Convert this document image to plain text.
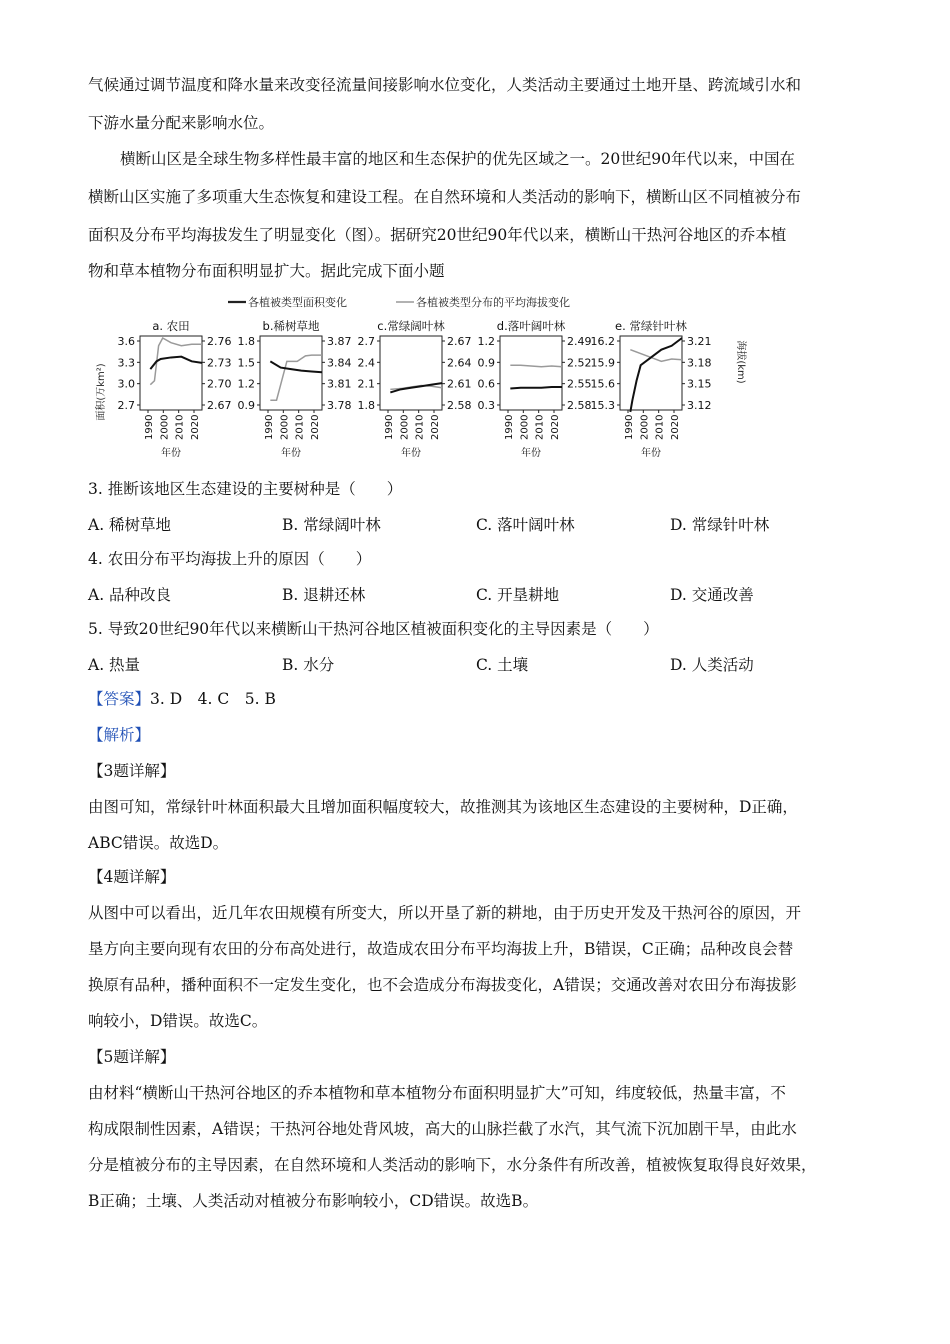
气候通过调节温度和降水量来改变径流量间接影响水位变化，人类活动主要通过土地开垦、跨流域引水和
下游水量分配来影响水位。
横断山区是全球生物多样性最丰富的地区和生态保护的优先区域之一。20世纪90年代以来，中国在
横断山区实施了多项重大生态恢复和建设工程。在自然环境和人类活动的影响下，横断山区不同植被分布
面积及分布平均海拔发生了明显变化（图）。据研究20世纪90年代以来，横断山干热河谷地区的乔本植
物和草本植物分布面积明显扩大。据此完成下面小题
各植被类型面积变化	各植被类型分布的平均海拔变化
面积(万km²)
海拔(km)
a. 农田
3.6
3.3
3.0
2.7
2.76
2.73
2.70
2.67
1990 2000 2010 2020
年份
b.稀树草地
1.8
1.5
1.2
0.9
3.87
3.84
3.81
3.78
1990 2000 2010 2020
年份
c.常绿阔叶林
2.7
2.4
2.1
1.8
2.67
2.64
2.61
2.58
1990 2000 2010 2020
年份
d.落叶阔叶林
1.2
0.9
0.6
0.3
2.49
2.52
2.55
2.58
1990 2000 2010 2020
年份
e. 常绿针叶林
16.2
15.9
15.6
15.3
3.21
3.18
3.15
3.12
1990 2000 2010 2020
年份
3. 推断该地区生态建设的主要树种是（　　）
A. 稀树草地	B. 常绿阔叶林	C. 落叶阔叶林	D. 常绿针叶林
4. 农田分布平均海拔上升的原因（　　）
A. 品种改良	B. 退耕还林	C. 开垦耕地	D. 交通改善
5. 导致20世纪90年代以来横断山干热河谷地区植被面积变化的主导因素是（　　）
A. 热量	B. 水分	C. 土壤	D. 人类活动
【答案】3. D　4. C　5. B
【解析】
【3题详解】
由图可知，常绿针叶林面积最大且增加面积幅度较大，故推测其为该地区生态建设的主要树种，D正确，
ABC错误。故选D。
【4题详解】
从图中可以看出，近几年农田规模有所变大，所以开垦了新的耕地，由于历史开发及干热河谷的原因，开
垦方向主要向现有农田的分布高处进行，故造成农田分布平均海拔上升，B错误，C正确；品种改良会替
换原有品种，播种面积不一定发生变化，也不会造成分布海拔变化，A错误；交通改善对农田分布海拔影
响较小，D错误。故选C。
【5题详解】
由材料“横断山干热河谷地区的乔本植物和草本植物分布面积明显扩大”可知，纬度较低，热量丰富，不
构成限制性因素，A错误；干热河谷地处背风坡，高大的山脉拦截了水汽，其气流下沉加剧干旱，由此水
分是植被分布的主导因素，在自然环境和人类活动的影响下，水分条件有所改善，植被恢复取得良好效果，
B正确；土壤、人类活动对植被分布影响较小，CD错误。故选B。
